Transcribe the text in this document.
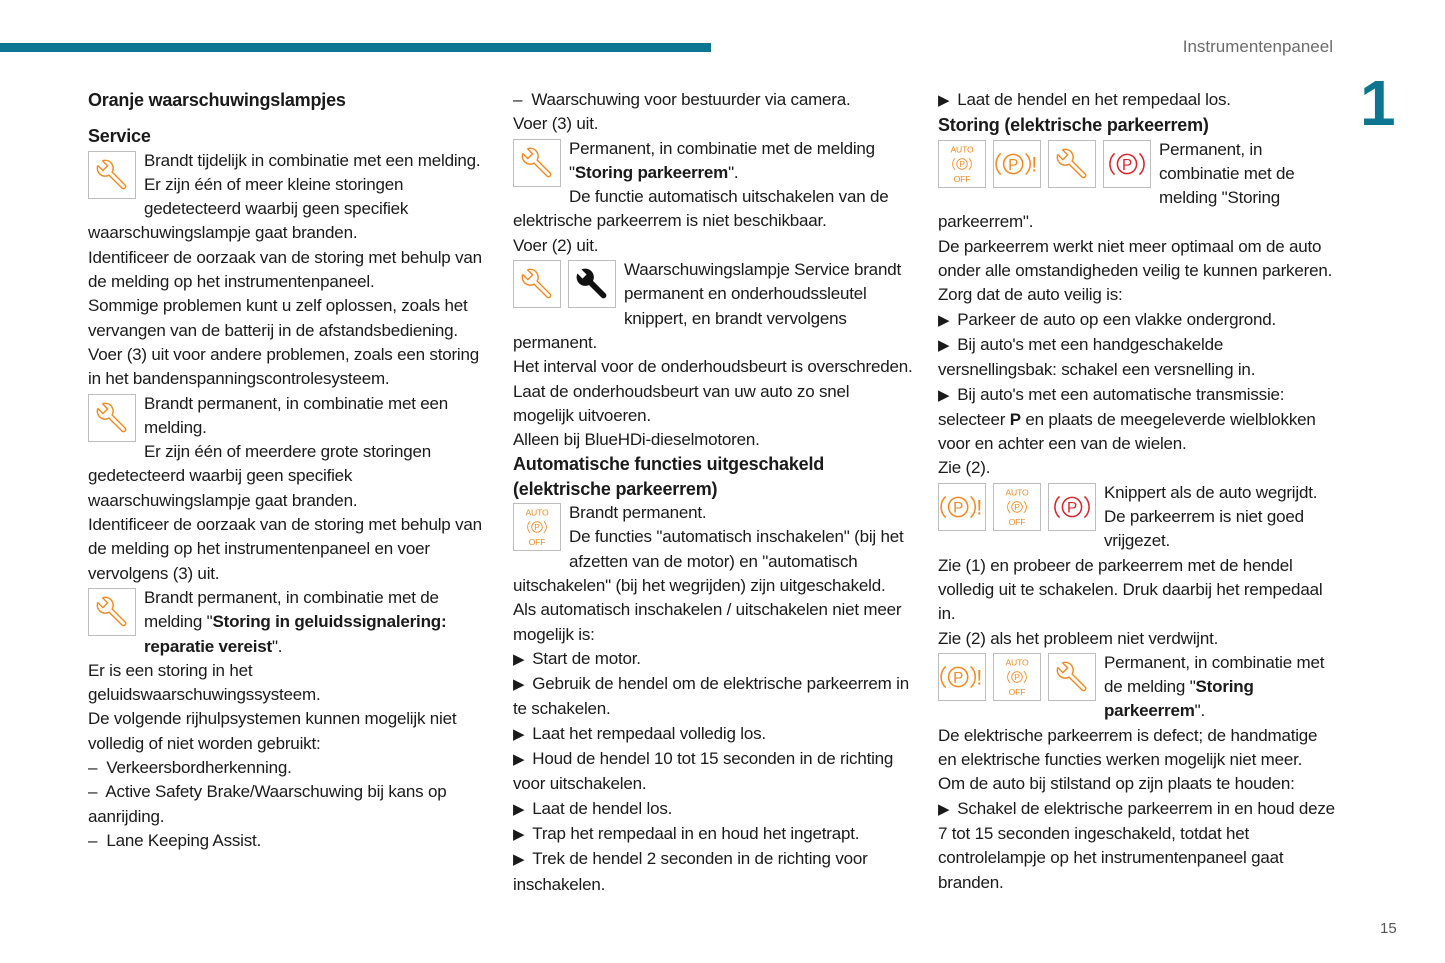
Instrumentenpaneel
1
15
Oranje waarschuwingslampjes
Service
Brandt tijdelijk in combinatie met een melding.
Er zijn één of meer kleine storingen gedetecteerd waarbij geen specifiek waarschuwingslampje gaat branden.
Identificeer de oorzaak van de storing met behulp van de melding op het instrumentenpaneel.
Sommige problemen kunt u zelf oplossen, zoals het vervangen van de batterij in de afstandsbediening.
Voer (3) uit voor andere problemen, zoals een storing in het bandenspanningscontrolesysteem.
Brandt permanent, in combinatie met een melding.
Er zijn één of meerdere grote storingen gedetecteerd waarbij geen specifiek waarschuwingslampje gaat branden.
Identificeer de oorzaak van de storing met behulp van de melding op het instrumentenpaneel en voer vervolgens (3) uit.
Brandt permanent, in combinatie met de melding "Storing in geluidssignalering: reparatie vereist".
Er is een storing in het geluidswaarschuwingssysteem.
De volgende rijhulpsystemen kunnen mogelijk niet volledig of niet worden gebruikt:
–  Verkeersbordherkenning.
–  Active Safety Brake/Waarschuwing bij kans op aanrijding.
–  Lane Keeping Assist.
–  Waarschuwing voor bestuurder via camera.
Voer (3) uit.
Permanent, in combinatie met de melding "Storing parkeerrem".
De functie automatisch uitschakelen van de elektrische parkeerrem is niet beschikbaar.
Voer (2) uit.
Waarschuwingslampje Service brandt permanent en onderhoudssleutel knippert, en brandt vervolgens permanent.
Het interval voor de onderhoudsbeurt is overschreden.
Laat de onderhoudsbeurt van uw auto zo snel mogelijk uitvoeren.
Alleen bij BlueHDi-dieselmotoren.
Automatische functies uitgeschakeld (elektrische parkeerrem)
AUTO
P
OFF
Brandt permanent.
De functies "automatisch inschakelen" (bij het afzetten van de motor) en "automatisch uitschakelen" (bij het wegrijden) zijn uitgeschakeld.
Als automatisch inschakelen / uitschakelen niet meer mogelijk is:
▶  Start de motor.
▶  Gebruik de hendel om de elektrische parkeerrem in te schakelen.
▶  Laat het rempedaal volledig los.
▶  Houd de hendel 10 tot 15 seconden in de richting voor uitschakelen.
▶  Laat de hendel los.
▶  Trap het rempedaal in en houd het ingetrapt.
▶  Trek de hendel 2 seconden in de richting voor inschakelen.
▶  Laat de hendel en het rempedaal los.
Storing (elektrische parkeerrem)
AUTO
P
OFF
P !	P
Permanent, in combinatie met de melding "Storing parkeerrem".
De parkeerrem werkt niet meer optimaal om de auto onder alle omstandigheden veilig te kunnen parkeren.
Zorg dat de auto veilig is:
▶  Parkeer de auto op een vlakke ondergrond.
▶  Bij auto's met een handgeschakelde versnellingsbak: schakel een versnelling in.
▶  Bij auto's met een automatische transmissie: selecteer P en plaats de meegeleverde wielblokken voor en achter een van de wielen.
Zie (2).
P !
AUTO
P
OFF
P
Knippert als de auto wegrijdt. De parkeerrem is niet goed vrijgezet.
Zie (1) en probeer de parkeerrem met de hendel volledig uit te schakelen. Druk daarbij het rempedaal in.
Zie (2) als het probleem niet verdwijnt.
P !
AUTO
P
OFF
Permanent, in combinatie met de melding "Storing parkeerrem".
De elektrische parkeerrem is defect; de handmatige en elektrische functies werken mogelijk niet meer.
Om de auto bij stilstand op zijn plaats te houden:
▶  Schakel de elektrische parkeerrem in en houd deze 7 tot 15 seconden ingeschakeld, totdat het controlelampje op het instrumentenpaneel gaat branden.
